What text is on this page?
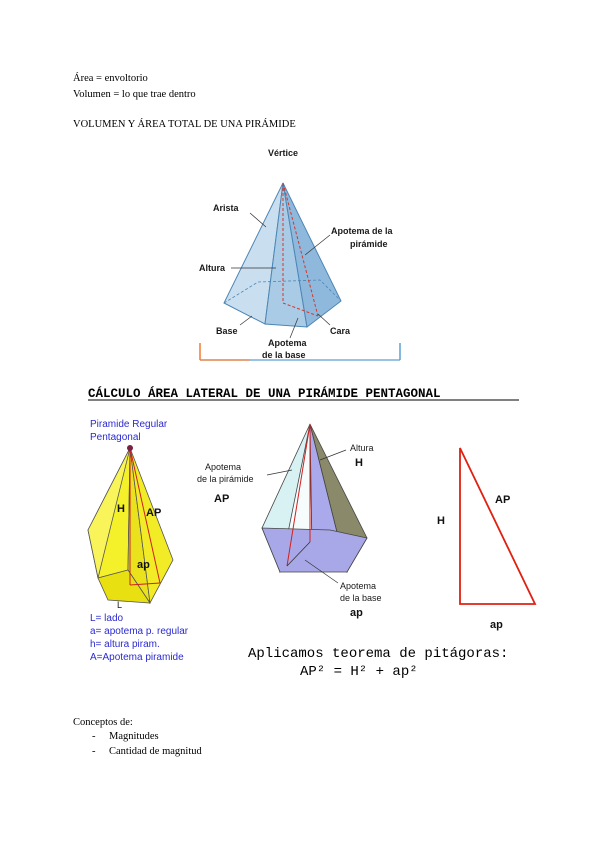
Área = envoltorio
Volumen = lo que trae dentro
VOLUMEN Y ÁREA TOTAL DE UNA PIRÁMIDE
Vértice
Arista
Apotema de la
pirámide
Altura
Base	Cara
Apotema
de la base
CÁLCULO ÁREA LATERAL DE UNA PIRÁMIDE PENTAGONAL
H AP
ap
L
Piramide Regular
Pentagonal
L= lado
a= apotema p. regular
h= altura piram.
A=Apotema piramide
Apotema
de la pirámide
AP
Altura
H
Apotema
de la base
ap
AP
H
ap
Aplicamos teorema de pitágoras:
AP² = H² + ap²
Conceptos de:
- Magnitudes
- Cantidad de magnitud
